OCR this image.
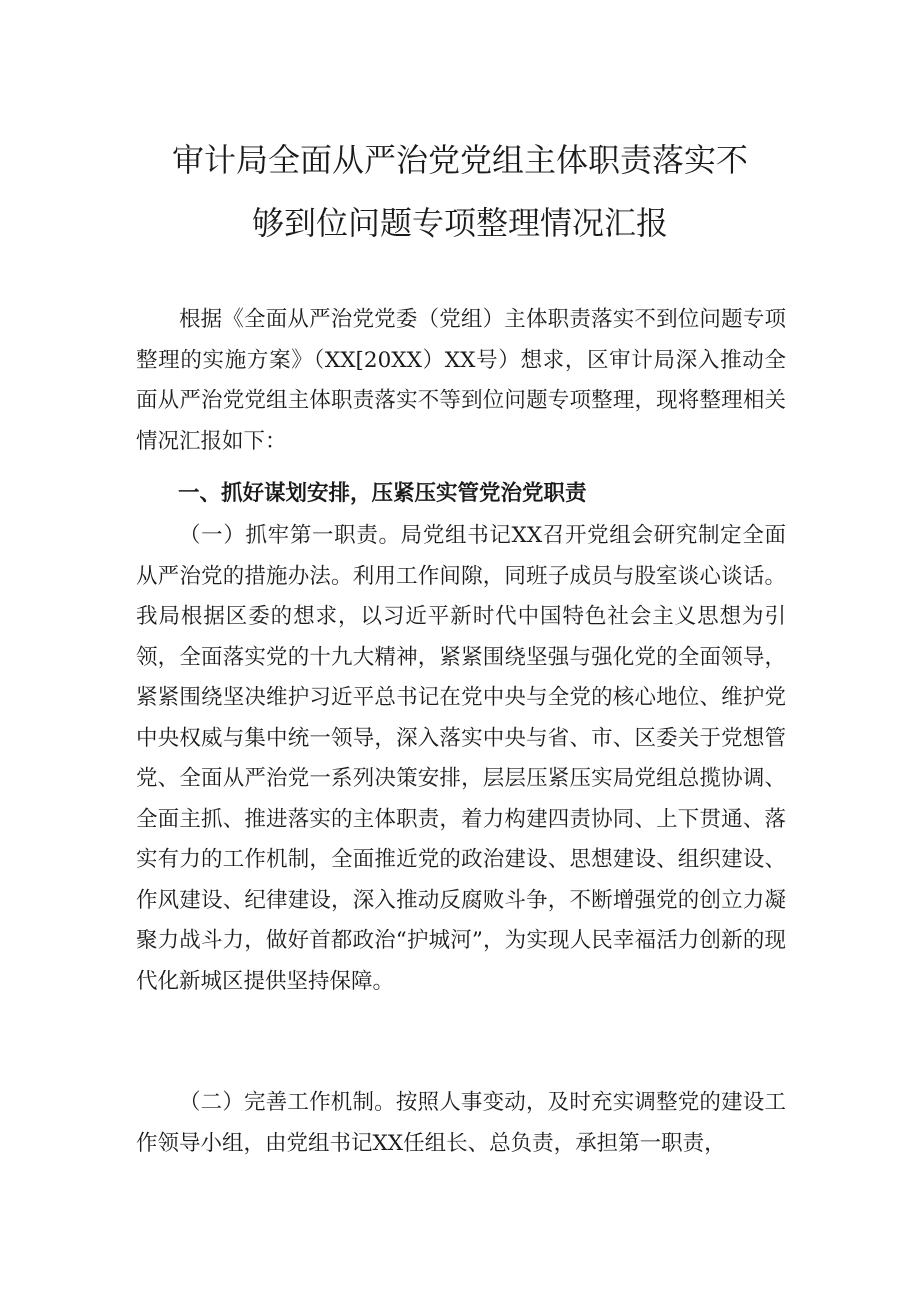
审计局全面从严治党党组主体职责落实不
够到位问题专项整理情况汇报

根据《全面从严治党党委（党组）主体职责落实不到位问题专项整理的实施方案》（XX[20XX）XX号）想求，区审计局深入推动全面从严治党党组主体职责落实不等到位问题专项整理，现将整理相关情况汇报如下：

一、抓好谋划安排，压紧压实管党治党职责

（一）抓牢第一职责。局党组书记XX召开党组会研究制定全面从严治党的措施办法。利用工作间隙，同班子成员与股室谈心谈话。我局根据区委的想求，以习近平新时代中国特色社会主义思想为引领，全面落实党的十九大精神，紧紧围绕坚强与强化党的全面领导，紧紧围绕坚决维护习近平总书记在党中央与全党的核心地位、维护党中央权威与集中统一领导，深入落实中央与省、市、区委关于党想管党、全面从严治党一系列决策安排，层层压紧压实局党组总揽协调、全面主抓、推进落实的主体职责，着力构建四责协同、上下贯通、落实有力的工作机制，全面推近党的政治建设、思想建设、组织建设、作风建设、纪律建设，深入推动反腐败斗争，不断增强党的创立力凝聚力战斗力，做好首都政治“护城河”，为实现人民幸福活力创新的现代化新城区提供坚持保障。

（二）完善工作机制。按照人事变动，及时充实调整党的建设工作领导小组，由党组书记XX任组长、总负责，承担第一职责，
